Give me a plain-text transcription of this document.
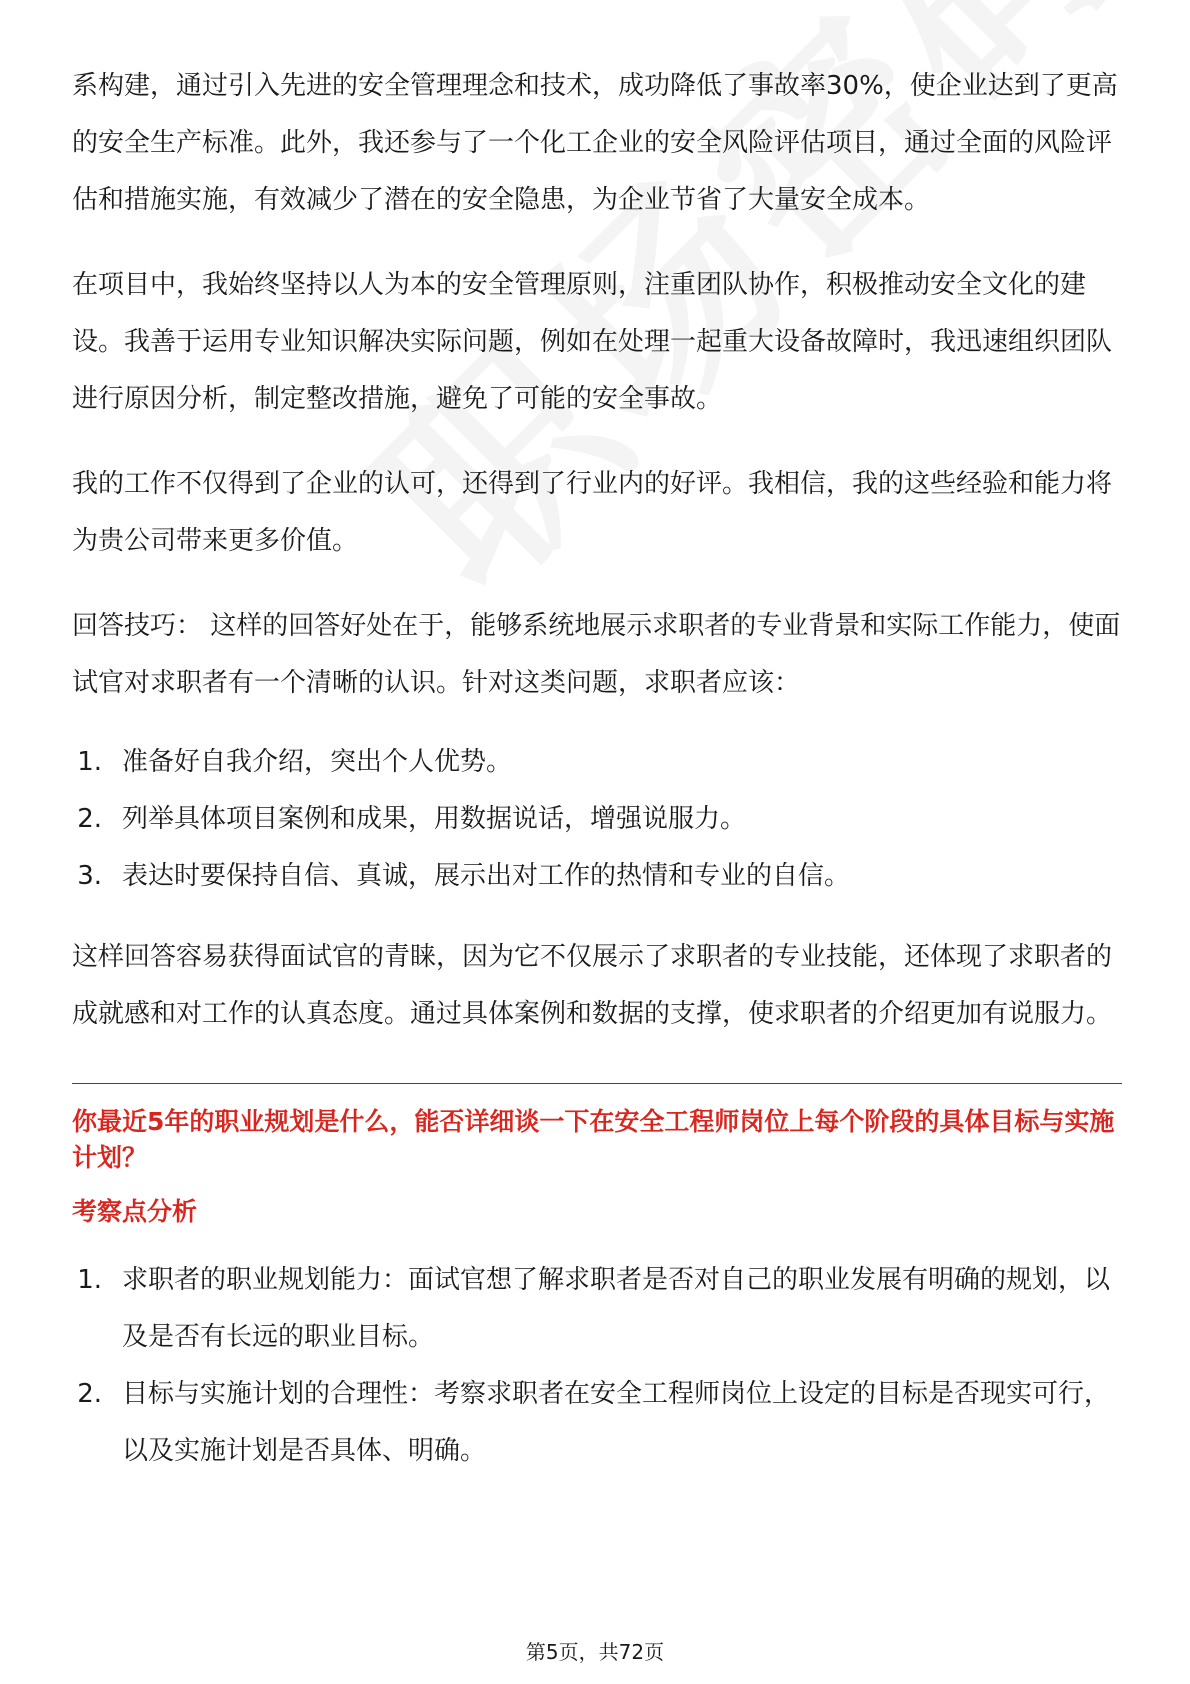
系构建，通过引入先进的安全管理理念和技术，成功降低了事故率30%，使企业达到了更高的安全生产标准。此外，我还参与了一个化工企业的安全风险评估项目，通过全面的风险评估和措施实施，有效减少了潜在的安全隐患，为企业节省了大量安全成本。

在项目中，我始终坚持以人为本的安全管理原则，注重团队协作，积极推动安全文化的建设。我善于运用专业知识解决实际问题，例如在处理一起重大设备故障时，我迅速组织团队进行原因分析，制定整改措施，避免了可能的安全事故。

我的工作不仅得到了企业的认可，还得到了行业内的好评。我相信，我的这些经验和能力将为贵公司带来更多价值。

回答技巧： 这样的回答好处在于，能够系统地展示求职者的专业背景和实际工作能力，使面试官对求职者有一个清晰的认识。针对这类问题，求职者应该：

1. 准备好自我介绍，突出个人优势。
2. 列举具体项目案例和成果，用数据说话，增强说服力。
3. 表达时要保持自信、真诚，展示出对工作的热情和专业的自信。

这样回答容易获得面试官的青睐，因为它不仅展示了求职者的专业技能，还体现了求职者的成就感和对工作的认真态度。通过具体案例和数据的支撑，使求职者的介绍更加有说服力。

你最近5年的职业规划是什么，能否详细谈一下在安全工程师岗位上每个阶段的具体目标与实施计划？
考察点分析
1. 求职者的职业规划能力：面试官想了解求职者是否对自己的职业发展有明确的规划，以及是否有长远的职业目标。
2. 目标与实施计划的合理性：考察求职者在安全工程师岗位上设定的目标是否现实可行，以及实施计划是否具体、明确。
第5页，共72页
